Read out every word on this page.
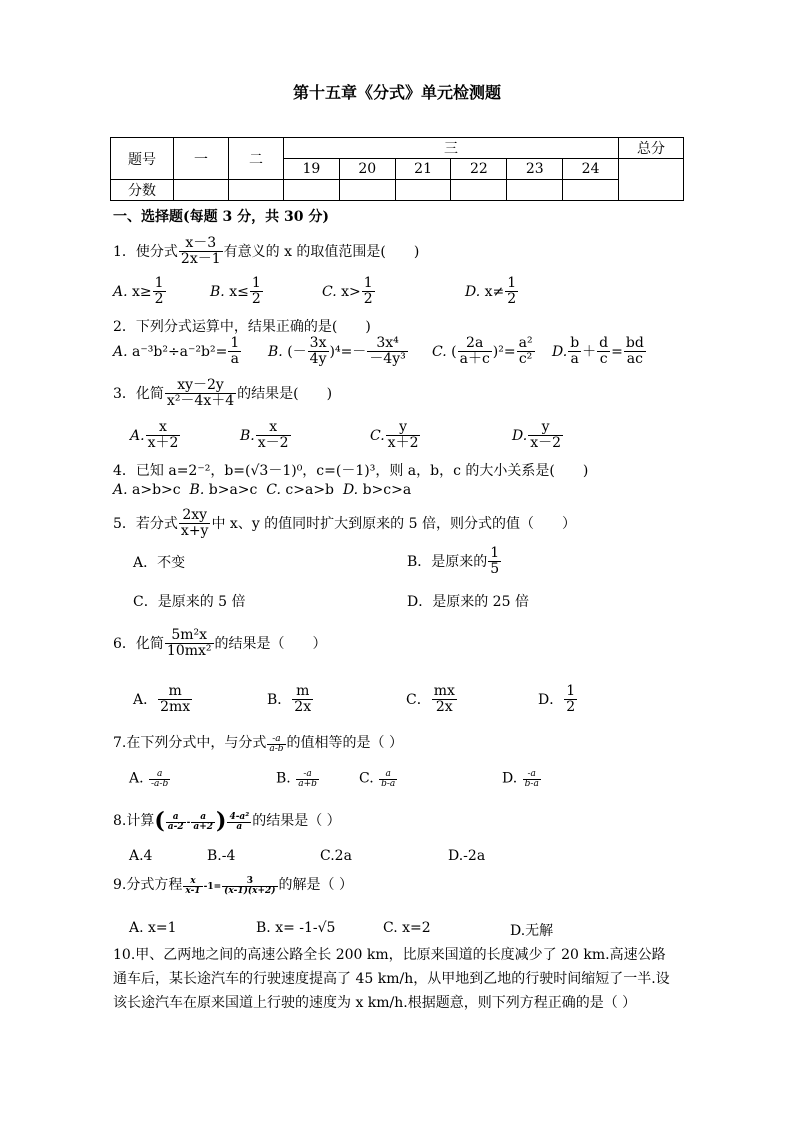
第十五章《分式》单元检测题
题号	一	二	三						总分
			19	20	21	22	23	24	
分数									
一、选择题(每题 3 分，共 30 分)
1．使分式 $\frac{x-3}{2x-1}$ 有意义的 x 的取值范围是(　　)
A. $x\ge \frac{1}{2}$	B. $x\le \frac{1}{2}$	C. $x> \frac{1}{2}$	D. $x\ne \frac{1}{2}$
2．下列分式运算中，结果正确的是(　　)
A. $a^{-3}b^2\div a^{-2}b^2= \frac{1}{a} B$. (－ $\frac{3x}{4y} )^4=- \frac{\text{3x⁴}}{\text{－4y³}} C$. ( $\frac{2a}{a+c} )^2= \frac{\text{a²}}{\text{c²}} D$. $\frac{b}{a} + \frac{d}{c} = \frac{bd}{ac}$
3．化简 $\frac{xy-2y}{\text{x²－4x＋4}}$ 的结果是(　　)
A. $\frac{x}{x+2}$	B. $\frac{x}{x-2}$	C. $\frac{y}{x+2}$	D. $\frac{y}{x-2}$
4．已知 a=2⁻²，b=(√3－1)⁰，c=(－1)³，则 a，b，c 的大小关系是(　　)
A. a>b>c B. b>a>c C. c>a>b D. b>c>a
5．若分式 $\frac{2xy}{x+y}$ 中 x、y 的值同时扩大到原来的 5 倍，则分式的值（　　）
A．不变	B．是原来的 $\frac{1}{5}$
C．是原来的 5 倍	D．是原来的 25 倍
6．化简 $\frac{\text{5m²x}}{\text{10mx²}}$ 的结果是（　　）
A． $\frac{m}{2mx}$	B． $\frac{m}{2x}$	C． $\frac{mx}{2x}$	D． $\frac{1}{2}$
7.在下列分式中，与分式 $\frac{-a}{a-b}$ 的值相等的是（ ）
A. $\frac{a}{-a-b}$	B. $\frac{-a}{a+b}$	C. $\frac{a}{b-a}$	D. $\frac{-a}{b-a}$
8.计算( $\frac{a}{a-2} - \frac{a}{a+2}$ ) $\frac{\text{4-a²}}{a}$ 的结果是（ ）
A.4	B.-4	C.2a	D.-2a
9.分式方程 $\frac{x}{x-1} -1= \frac{3}{(x-1)(x+2)}$ 的解是（ ）
A. x=1	B. x= -1-√5	C. x=2	D.无解
10.甲、乙两地之间的高速公路全长 200 km，比原来国道的长度减少了 20 km.高速公路通车后，某长途汽车的行驶速度提高了 45 km/h，从甲地到乙地的行驶时间缩短了一半.设该长途汽车在原来国道上行驶的速度为 x km/h.根据题意，则下列方程正确的是（ ）
